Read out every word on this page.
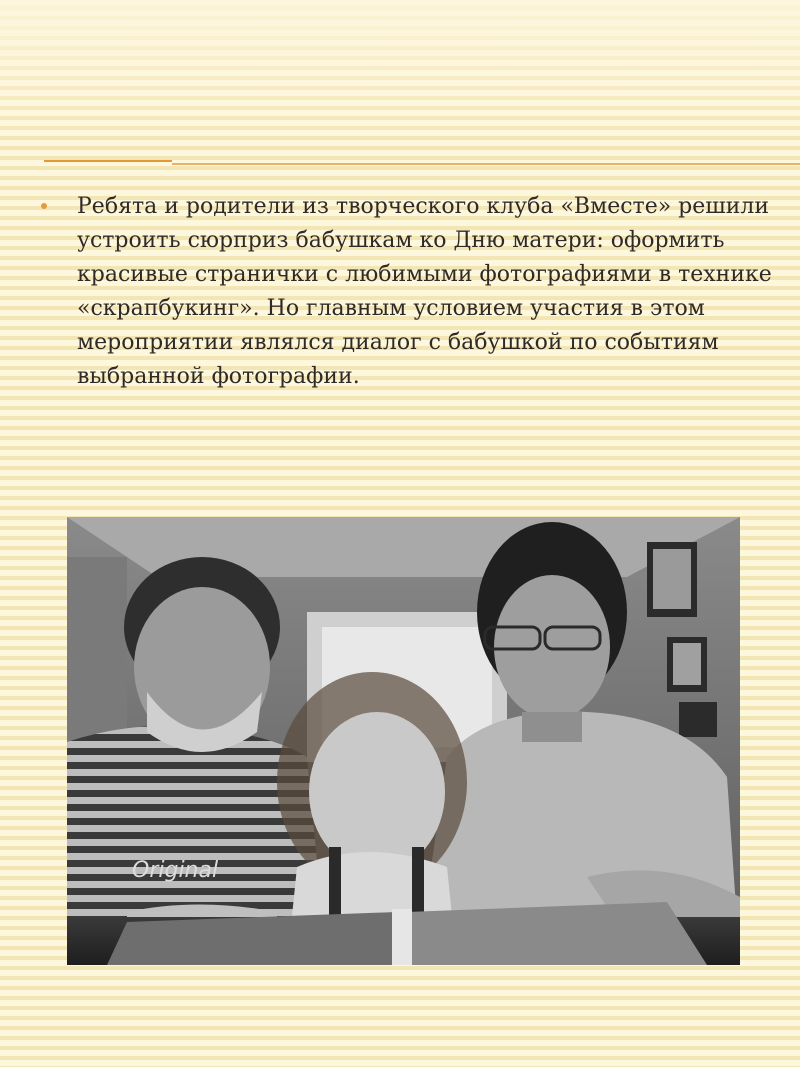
Ребята и родители из творческого клуба «Вместе» решили устроить сюрприз бабушкам ко Дню матери: оформить красивые странички с любимыми фотографиями в технике «скрапбукинг». Но главным условием участия в этом мероприятии являлся диалог с бабушкой по событиям выбранной фотографии.

Original
